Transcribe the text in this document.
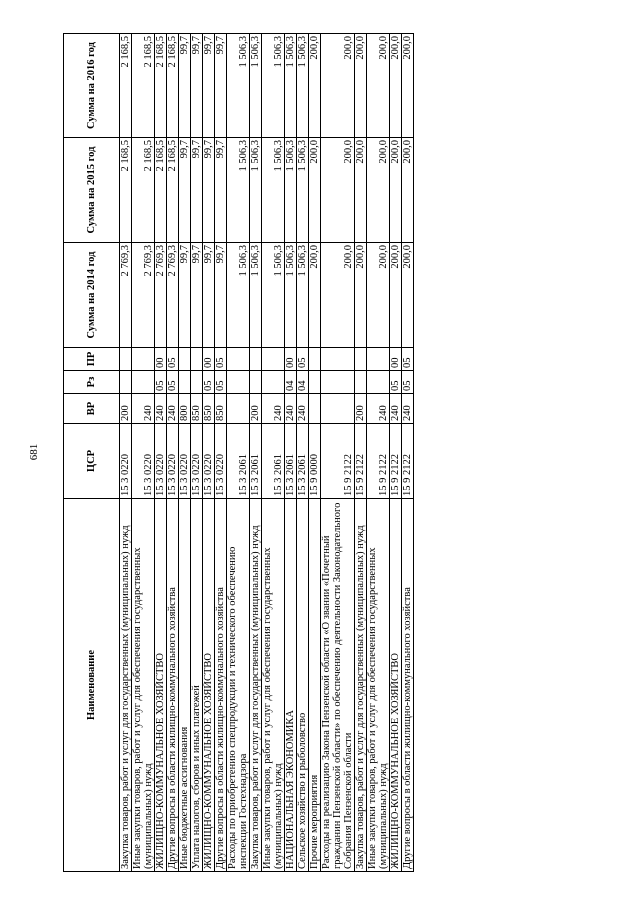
681
Наименование	ЦСР	ВР	Рз	ПР	Сумма на 2014 год	Сумма на 2015 год	Сумма на 2016 год
Закупка товаров, работ и услуг для государственных (муниципальных) нужд	15 3 0220	200			2 769,3	2 168,5	2 168,5
Иные закупки товаров, работ и услуг для обеспечения государственных (муниципальных) нужд	15 3 0220	240			2 769,3	2 168,5	2 168,5
ЖИЛИЩНО-КОММУНАЛЬНОЕ ХОЗЯЙСТВО	15 3 0220	240	05	00	2 769,3	2 168,5	2 168,5
Другие вопросы в области жилищно-коммунального хозяйства	15 3 0220	240	05	05	2 769,3	2 168,5	2 168,5
Иные бюджетные ассигнования	15 3 0220	800			99,7	99,7	99,7
Уплата налогов, сборов и иных платежей	15 3 0220	850			99,7	99,7	99,7
ЖИЛИЩНО-КОММУНАЛЬНОЕ ХОЗЯЙСТВО	15 3 0220	850	05	00	99,7	99,7	99,7
Другие вопросы в области жилищно-коммунального хозяйства	15 3 0220	850	05	05	99,7	99,7	99,7
Расходы по приобретению спецпродукции и технического обеспечению инспекции Гостехнадзора	15 3 2061				1 506,3	1 506,3	1 506,3
Закупка товаров, работ и услуг для государственных (муниципальных) нужд	15 3 2061	200			1 506,3	1 506,3	1 506,3
Иные закупки товаров, работ и услуг для обеспечения государственных (муниципальных) нужд	15 3 2061	240			1 506,3	1 506,3	1 506,3
НАЦИОНАЛЬНАЯ ЭКОНОМИКА	15 3 2061	240	04	00	1 506,3	1 506,3	1 506,3
Сельское хозяйство и рыболовство	15 3 2061	240	04	05	1 506,3	1 506,3	1 506,3
Прочие мероприятия	15 9 0000				200,0	200,0	200,0
Расходы на реализацию Закона Пензенской области «О звании «Почетный гражданин Пензенской области» по обеспечению деятельности Законодательного Собрания Пензенской области	15 9 2122				200,0	200,0	200,0
Закупка товаров, работ и услуг для государственных (муниципальных) нужд	15 9 2122	200			200,0	200,0	200,0
Иные закупки товаров, работ и услуг для обеспечения государственных (муниципальных) нужд	15 9 2122	240			200,0	200,0	200,0
ЖИЛИЩНО-КОММУНАЛЬНОЕ ХОЗЯЙСТВО	15 9 2122	240	05	00	200,0	200,0	200,0
Другие вопросы в области жилищно-коммунального хозяйства	15 9 2122	240	05	05	200,0	200,0	200,0
